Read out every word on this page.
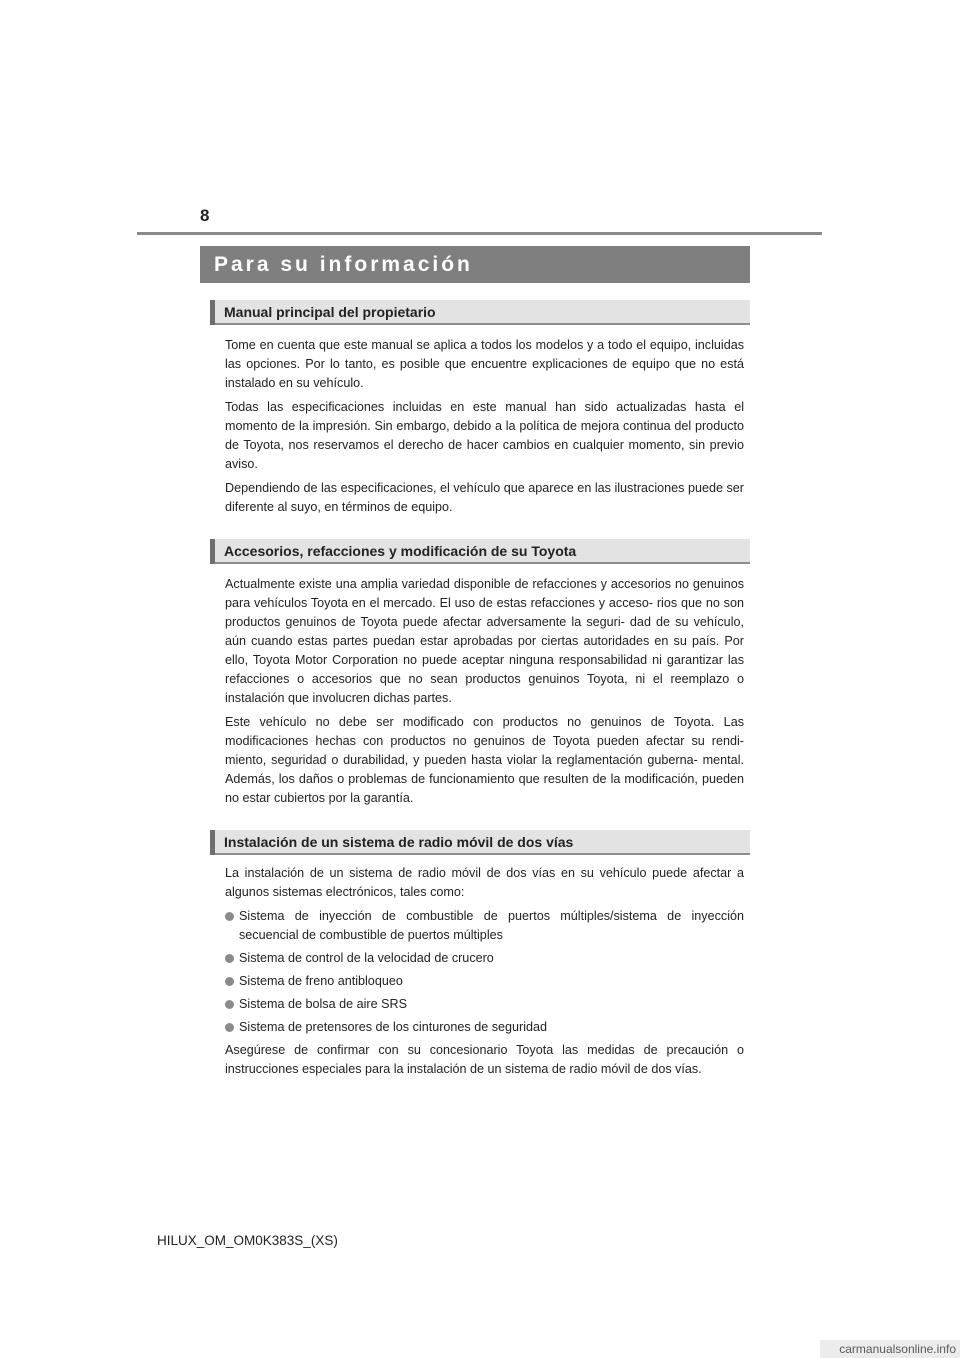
8
Para su información
Manual principal del propietario

Tome en cuenta que este manual se aplica a todos los modelos y a todo el equipo, incluidas las opciones. Por lo tanto, es posible que encuentre explicaciones de equipo que no está instalado en su vehículo.

Todas las especificaciones incluidas en este manual han sido actualizadas hasta el momento de la impresión. Sin embargo, debido a la política de mejora continua del producto de Toyota, nos reservamos el derecho de hacer cambios en cualquier momento, sin previo aviso.

Dependiendo de las especificaciones, el vehículo que aparece en las ilustraciones puede ser diferente al suyo, en términos de equipo.

Accesorios, refacciones y modificación de su Toyota

Actualmente existe una amplia variedad disponible de refacciones y accesorios no genuinos para vehículos Toyota en el mercado. El uso de estas refacciones y acceso- rios que no son productos genuinos de Toyota puede afectar adversamente la seguri- dad de su vehículo, aún cuando estas partes puedan estar aprobadas por ciertas autoridades en su país. Por ello, Toyota Motor Corporation no puede aceptar ninguna responsabilidad ni garantizar las refacciones o accesorios que no sean productos genuinos Toyota, ni el reemplazo o instalación que involucren dichas partes.

Este vehículo no debe ser modificado con productos no genuinos de Toyota. Las modificaciones hechas con productos no genuinos de Toyota pueden afectar su rendi- miento, seguridad o durabilidad, y pueden hasta violar la reglamentación guberna- mental. Además, los daños o problemas de funcionamiento que resulten de la modificación, pueden no estar cubiertos por la garantía.

Instalación de un sistema de radio móvil de dos vías

La instalación de un sistema de radio móvil de dos vías en su vehículo puede afectar a algunos sistemas electrónicos, tales como:

Sistema de inyección de combustible de puertos múltiples/sistema de inyección secuencial de combustible de puertos múltiples
Sistema de control de la velocidad de crucero
Sistema de freno antibloqueo
Sistema de bolsa de aire SRS
Sistema de pretensores de los cinturones de seguridad

Asegúrese de confirmar con su concesionario Toyota las medidas de precaución o instrucciones especiales para la instalación de un sistema de radio móvil de dos vías.

HILUX_OM_OM0K383S_(XS)
carmanualsonline.info
